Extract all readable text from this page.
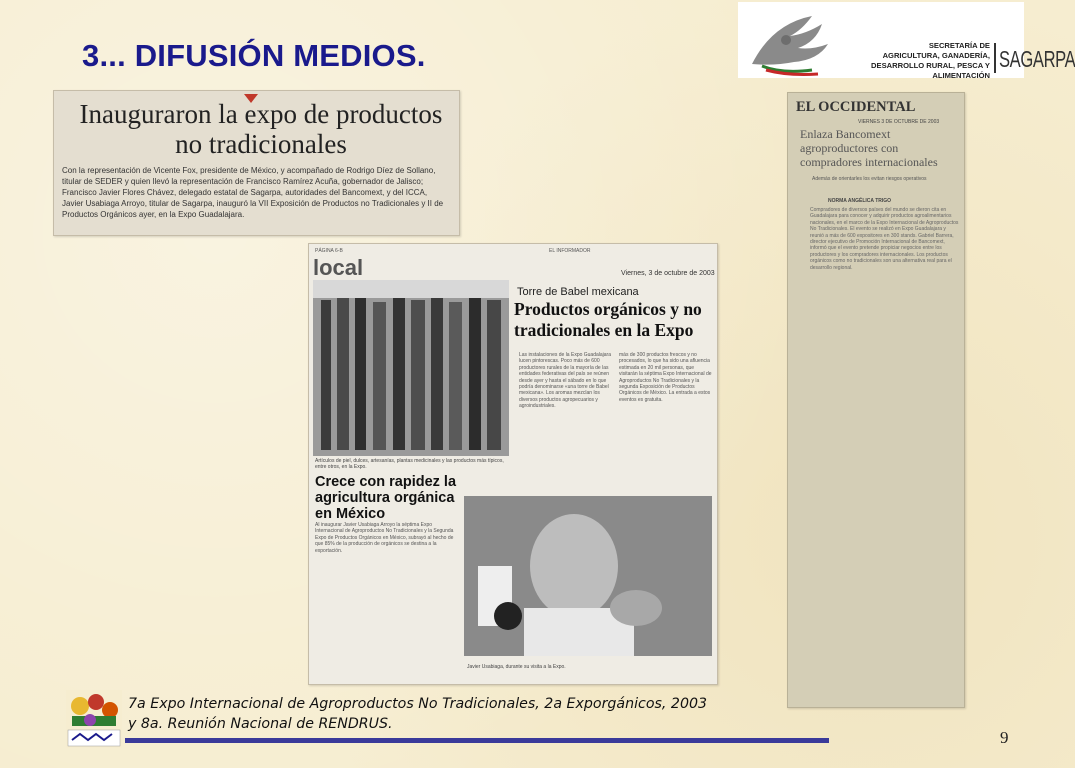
3... DIFUSIÓN MEDIOS.	SECRETARÍA DE
AGRICULTURA, GANADERÍA,
DESARROLLO RURAL, PESCA Y ALIMENTACIÓN
SAGARPA
Inauguraron la expo de productos no tradicionales
Con la representación de Vicente Fox, presidente de México, y acompañado de Rodrigo Díez de Sollano, titular de SEDER y quien llevó la representación de Francisco Ramírez Acuña, gobernador de Jalisco; Francisco Javier Flores Chávez, delegado estatal de Sagarpa, autoridades del Bancomext, y del ICCA, Javier Usabiaga Arroyo, titular de Sagarpa, inauguró la VII Exposición de Productos no Tradicionales y II de Productos Orgánicos ayer, en la Expo Guadalajara.
PÁGINA 6-B	EL INFORMADOR
local	Viernes, 3 de octubre de 2003
Artículos de piel, dulces, artesanías, plantas medicinales y las productos más típicos, entre otros, en la Expo.
Torre de Babel mexicana
Productos orgánicos y no tradicionales en la Expo
Las instalaciones de la Expo Guadalajara lucen pintorescas. Poco más de 600 productores rurales de la mayoría de las entidades federativas del país se reúnen desde ayer y hasta el sábado en lo que podría denominarse «una torre de Babel mexicana». Los aromas mezclan los diversos productos agropecuarios y agroindustriales.
más de 300 productos frescos y no procesados, lo que ha sido una afluencia estimada en 20 mil personas, que visitarán la séptima Expo Internacional de Agroproductos No Tradicionales y la segunda Exposición de Productos Orgánicos de México. La entrada a estos eventos es gratuita.
Crece con rapidez la agricultura orgánica en México
Al inaugurar Javier Usabiaga Arroyo la séptima Expo Internacional de Agroproductos No Tradicionales y la Segunda Expo de Productos Orgánicos en México, subrayó al hecho de que 85% de la producción de orgánicos se destina a la exportación.
Javier Usabiaga, durante su visita a la Expo.
EL OCCIDENTAL
VIERNES 3 DE OCTUBRE DE 2003
Enlaza Bancomext agroproductores con compradores internacionales
Además de orientarles los evitan riesgos operativos
NORMA ANGÉLICA TRIGO
Compradores de diversos países del mundo se dieron cita en Guadalajara para conocer y adquirir productos agroalimentarios nacionales, en el marco de la Expo Internacional de Agroproductos No Tradicionales. El evento se realizó en Expo Guadalajara y reunió a más de 600 expositores en 300 stands. Gabriel Barrera, director ejecutivo de Promoción Internacional de Bancomext, informó que el evento pretende propiciar negocios entre los productores y los compradores internacionales. Los productos orgánicos como no tradicionales son una alternativa real para el desarrollo regional.
7a Expo Internacional de Agroproductos No Tradicionales, 2a Exporgánicos, 2003
y 8a. Reunión Nacional de RENDRUS.
9
